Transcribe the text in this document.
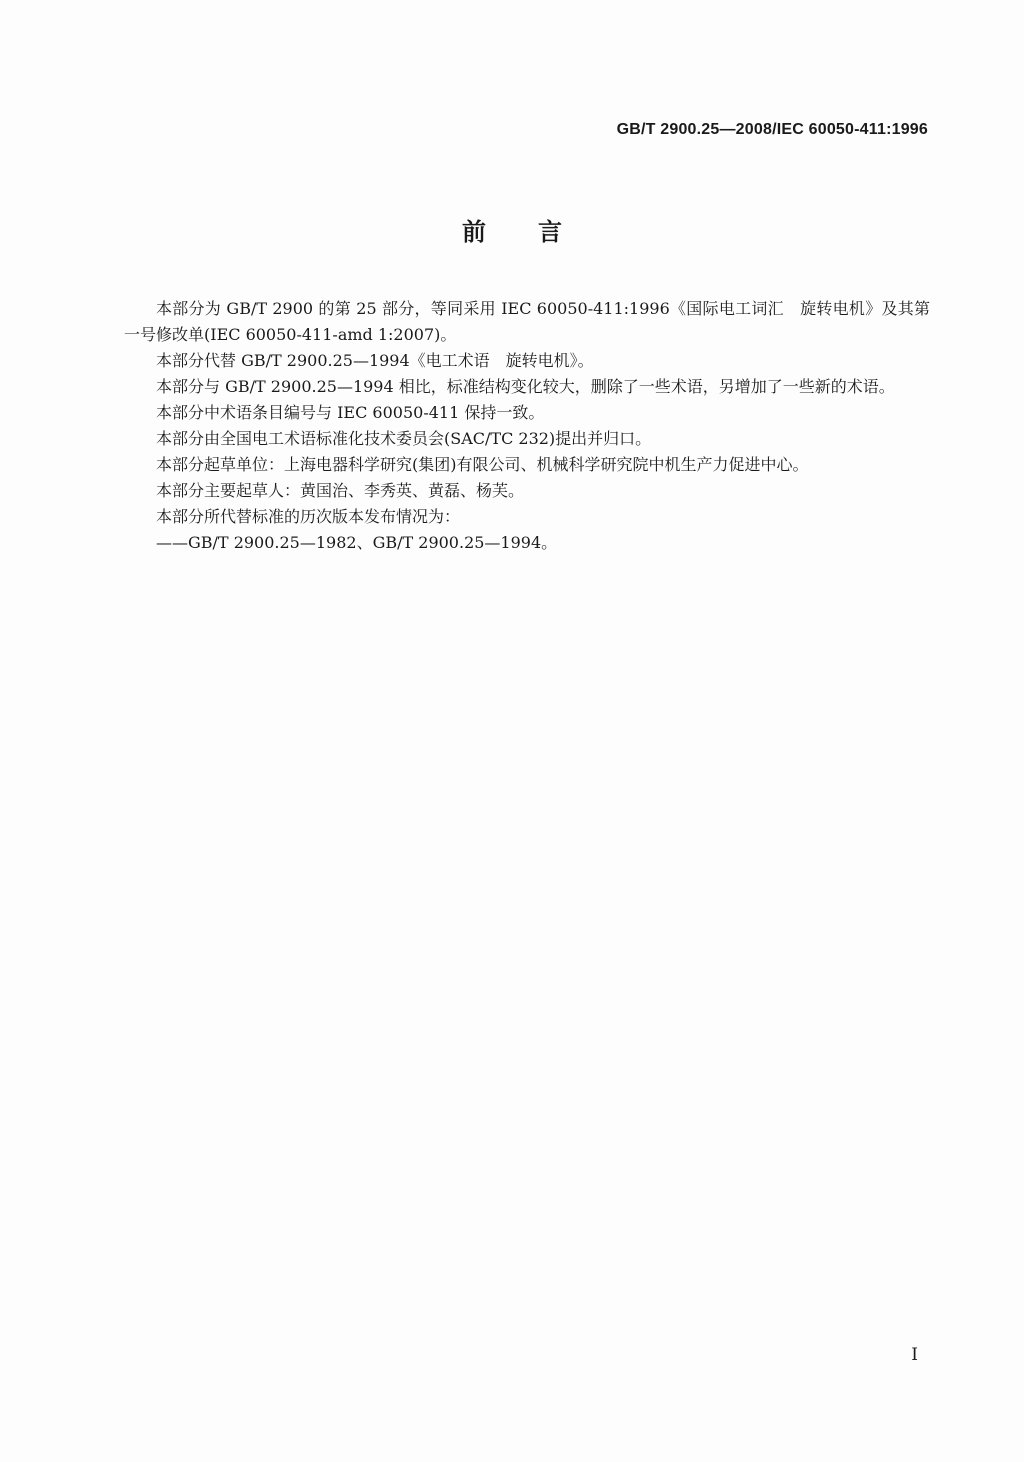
GB/T 2900.25—2008/IEC 60050-411:1996
前言

本部分为 GB/T 2900 的第 25 部分，等同采用 IEC 60050-411:1996《国际电工词汇　旋转电机》及其第一号修改单(IEC 60050-411-amd 1:2007)。

本部分代替 GB/T 2900.25—1994《电工术语　旋转电机》。

本部分与 GB/T 2900.25—1994 相比，标准结构变化较大，删除了一些术语，另增加了一些新的术语。

本部分中术语条目编号与 IEC 60050-411 保持一致。

本部分由全国电工术语标准化技术委员会(SAC/TC 232)提出并归口。

本部分起草单位：上海电器科学研究(集团)有限公司、机械科学研究院中机生产力促进中心。

本部分主要起草人：黄国治、李秀英、黄磊、杨芙。

本部分所代替标准的历次版本发布情况为：

——GB/T 2900.25—1982、GB/T 2900.25—1994。

I
